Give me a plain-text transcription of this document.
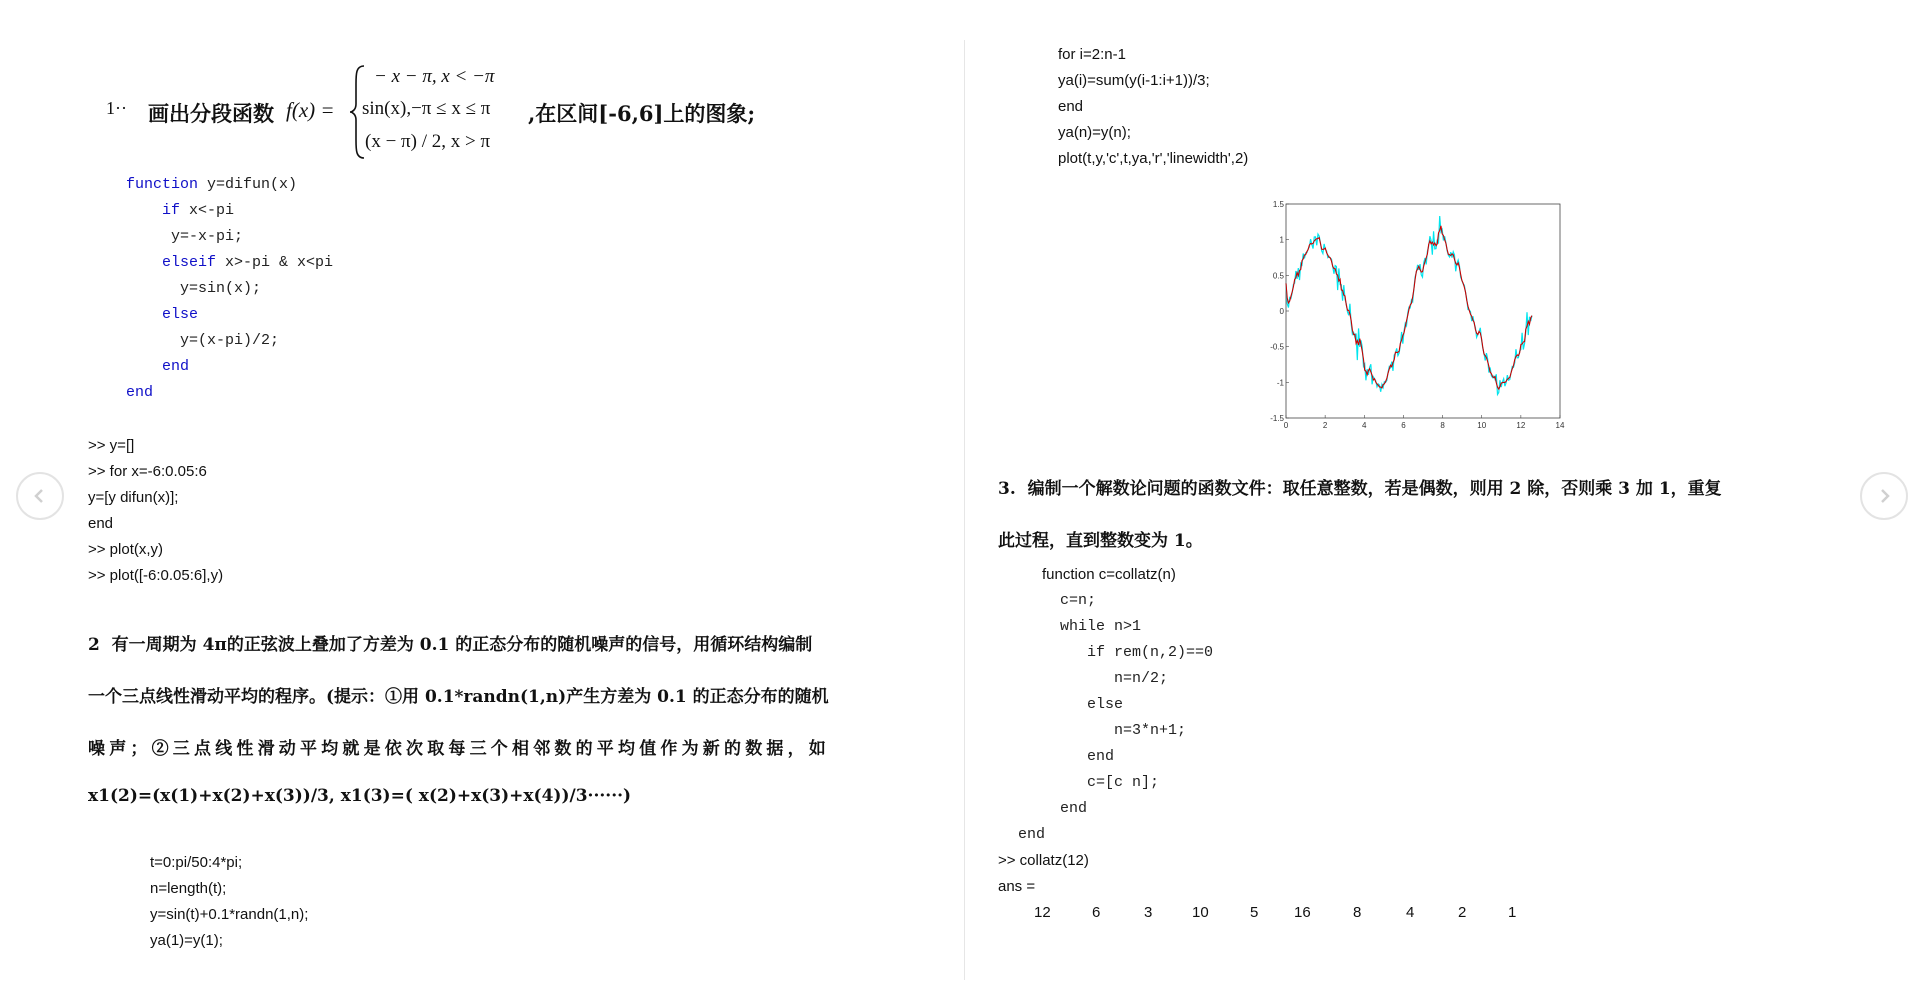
1·· 画出分段函数 f(x) =
− x − π, x < −π
sin(x),−π ≤ x ≤ π
(x − π) / 2, x > π
,在区间[-6,6]上的图象;
function y=difun(x)
if x<-pi
y=-x-pi;
elseif x>-pi & x<pi
y=sin(x);
else
y=(x-pi)/2;
end
end
>> y=[]
>> for x=-6:0.05:6
y=[y difun(x)];
end
>> plot(x,y)
>> plot([-6:0.05:6],y)
2  有一周期为 4π的正弦波上叠加了方差为 0.1 的正态分布的随机噪声的信号，用循环结构编制
一个三点线性滑动平均的程序。(提示：①用 0.1*randn(1,n)产生方差为 0.1 的正态分布的随机
噪声；②三点线性滑动平均就是依次取每三个相邻数的平均值作为新的数据，如
x1(2)=(x(1)+x(2)+x(3))/3, x1(3)=( x(2)+x(3)+x(4))/3······)
t=0:pi/50:4*pi;
n=length(t);
y=sin(t)+0.1*randn(1,n);
ya(1)=y(1);
for i=2:n-1
ya(i)=sum(y(i-1:i+1))/3;
end
ya(n)=y(n);
plot(t,y,'c',t,ya,'r','linewidth',2)
0	2	4	6	8	10	12	14
1.5
1
0.5
0
-0.5
-1
-1.5
3.  编制一个解数论问题的函数文件：取任意整数，若是偶数，则用 2 除，否则乘 3 加 1，重复
此过程，直到整数变为 1。
function c=collatz(n)
c=n;
while n>1
if rem(n,2)==0
n=n/2;
else
n=3*n+1;
end
c=[c n];
end
end
>> collatz(12)
ans =
12	6	3	10	5 16	8	4	2	1
